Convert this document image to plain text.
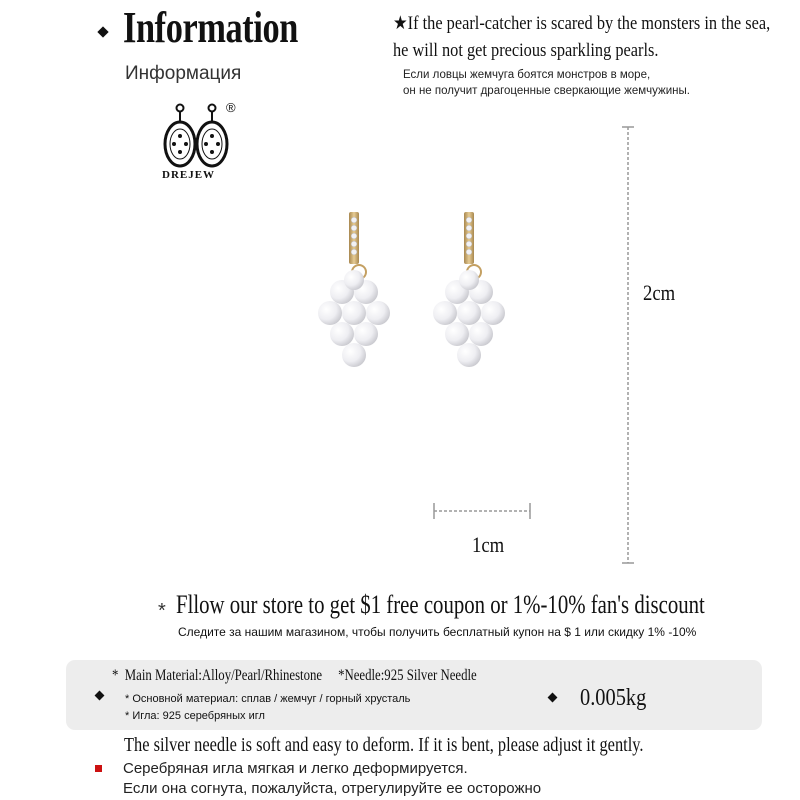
Information
Информация
★If the pearl-catcher is scared by the monsters in the sea,
he will not get precious sparkling pearls.
Если ловцы жемчуга боятся монстров в море,
он не получит драгоценные сверкающие жемчужины.
®
DREJEW
2cm
1cm
* Fllow our store to get $1 free coupon or 1%-10% fan's discount
Следите за нашим магазином, чтобы получить бесплатный купон на $ 1 или скидку 1% -10%
*  Main Material:Alloy/Pearl/Rhinestone     *Needle:925 Silver Needle
* Основной материал: сплав / жемчуг / горный хрусталь
* Игла: 925 серебряных игл
0.005kg
The silver needle is soft and easy to deform. If it is bent, please adjust it gently.
Серебряная игла мягкая и легко деформируется.
Если она согнута, пожалуйста, отрегулируйте ее осторожно
